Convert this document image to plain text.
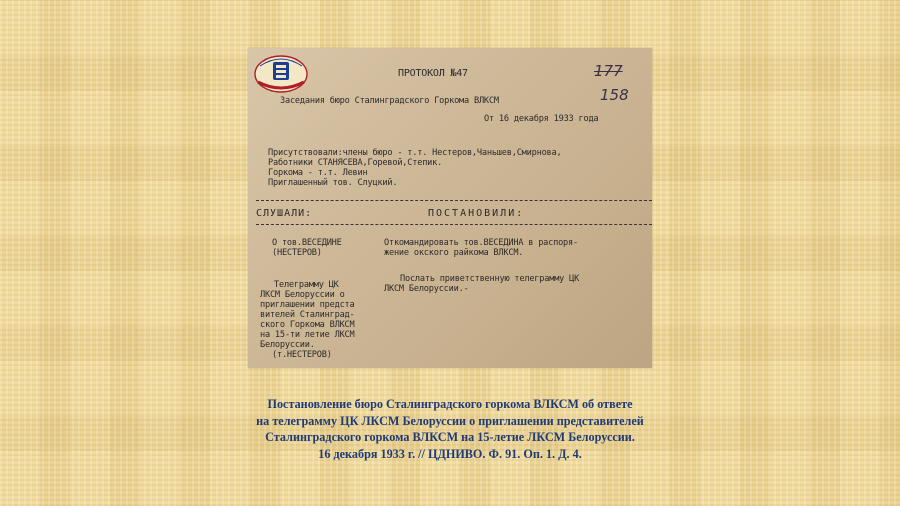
177
158
ПРОТОКОЛ №47
Заседания бюро Сталинградского Горкома ВЛКСМ
От 16 декабря 1933 года
Присутствовали:члены бюро - т.т. Нестеров,Чаньшев,Смирнова,
Работники СТАНЯСЕВА,Горевой,Степик.
Горкома - т.т. Левин
Приглашенный тов. Слуцкий.
СЛУШАЛИ:	ПОСТАНОВИЛИ:
О тов.ВЕСЕДИНЕ
(НЕСТЕРОВ)
Откомандировать тов.ВЕСЕДИНА в распоря-
жение окского райкома ВЛКСМ.
Телеграмму ЦК
ЛКСМ Белоруссии о
приглашении предста
вителей Сталинград-
ского Горкома ВЛКСМ
на 15-ти летие ЛКСМ
Белоруссии.
(т.НЕСТЕРОВ)
Послать приветственную телеграмму ЦК
ЛКСМ Белоруссии.-
Постановление бюро Сталинградского горкома ВЛКСМ об ответе
на телеграмму ЦК ЛКСМ Белоруссии о приглашении представителей
Сталинградского горкома ВЛКСМ на 15-летие ЛКСМ Белоруссии.
16 декабря 1933 г. // ЦДНИВО. Ф. 91. Оп. 1. Д. 4.
